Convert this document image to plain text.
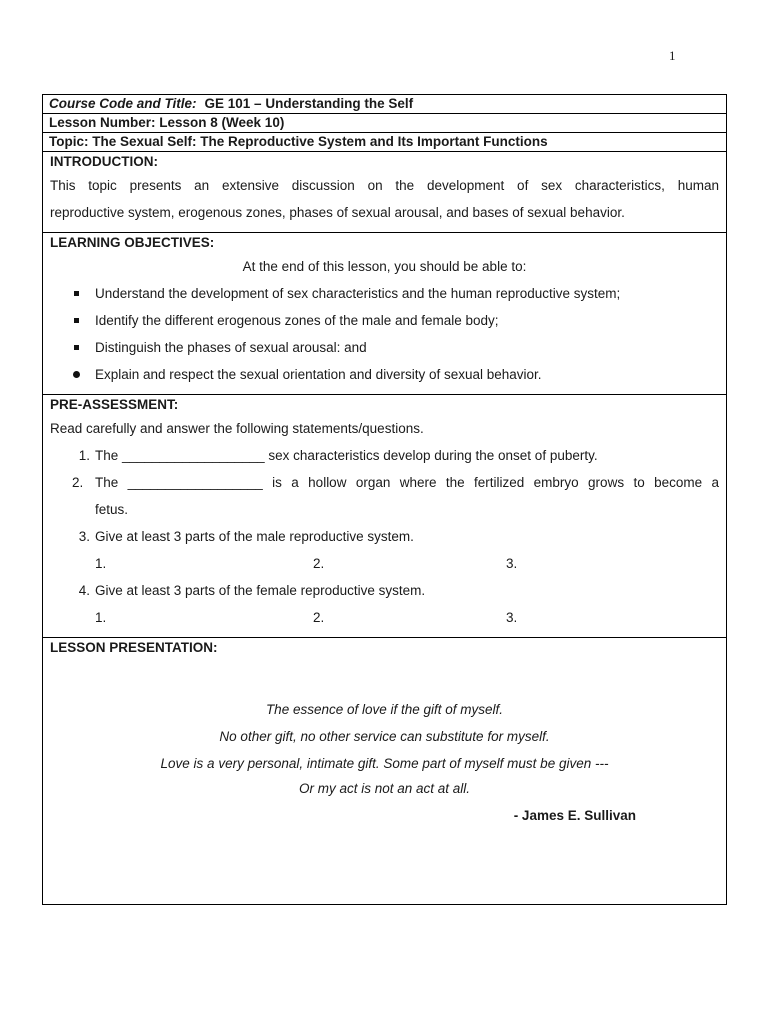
1
Course Code and Title: GE 101 – Understanding the Self
Lesson Number: Lesson 8 (Week 10)
Topic: The Sexual Self: The Reproductive System and Its Important Functions
INTRODUCTION:
This topic presents an extensive discussion on the development of sex characteristics, human
reproductive system, erogenous zones, phases of sexual arousal, and bases of sexual behavior.
LEARNING OBJECTIVES:
At the end of this lesson, you should be able to:
Understand the development of sex characteristics and the human reproductive system;
Identify the different erogenous zones of the male and female body;
Distinguish the phases of sexual arousal: and
Explain and respect the sexual orientation and diversity of sexual behavior.
PRE-ASSESSMENT:
Read carefully and answer the following statements/questions.
1. The ___________________ sex characteristics develop during the onset of puberty.
2. The __________________ is a hollow organ where the fertilized embryo grows to become a
fetus.
3. Give at least 3 parts of the male reproductive system.
1.	2.	3.
4. Give at least 3 parts of the female reproductive system.
1.	2.	3.
LESSON PRESENTATION:
The essence of love if the gift of myself.
No other gift, no other service can substitute for myself.
Love is a very personal, intimate gift. Some part of myself must be given ---
Or my act is not an act at all.
- James E. Sullivan
